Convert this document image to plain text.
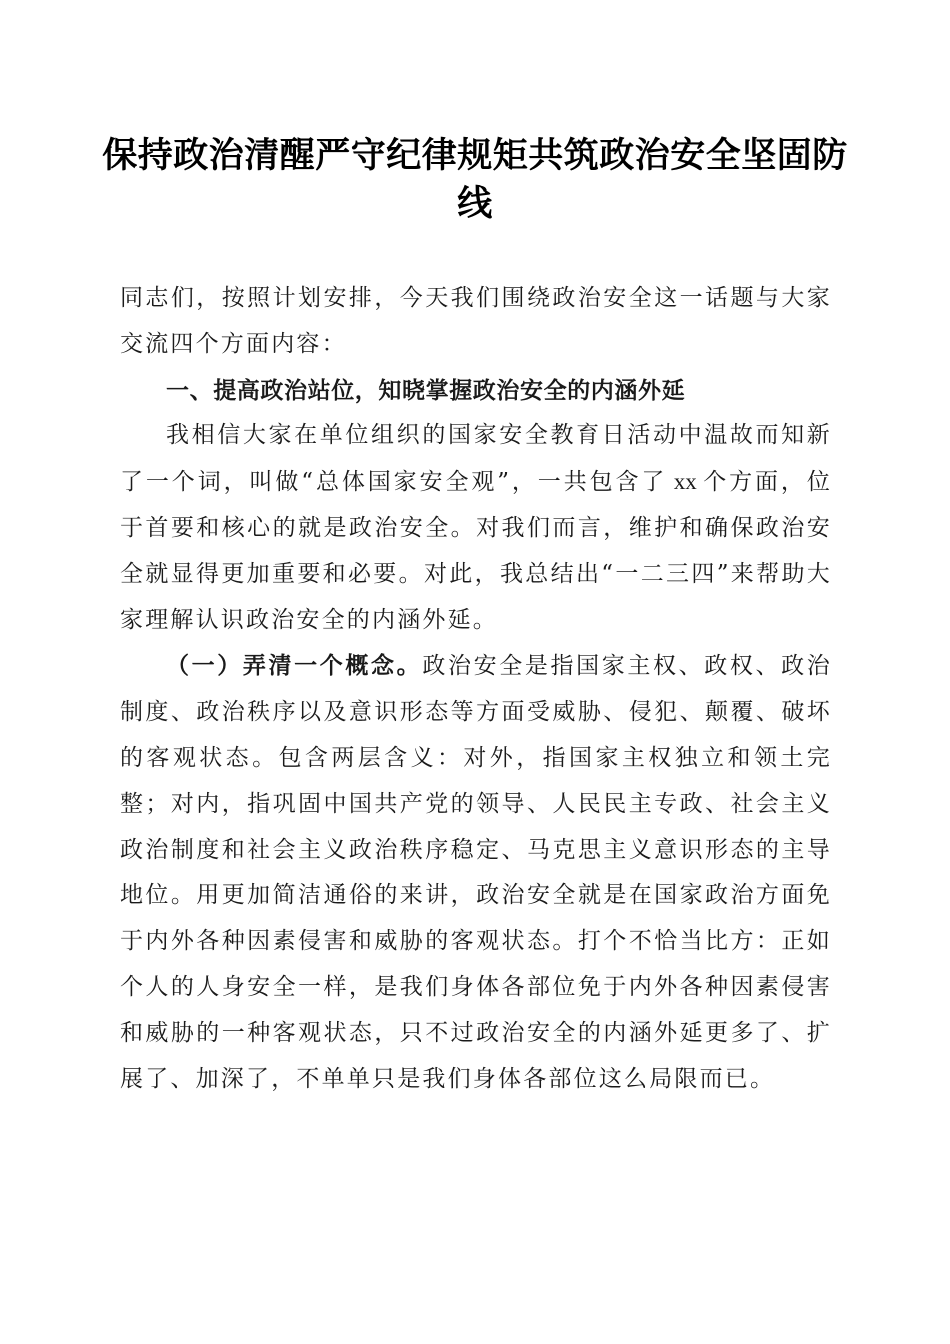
保持政治清醒严守纪律规矩共筑政治安全坚固防线

同志们，按照计划安排，今天我们围绕政治安全这一话题与大家交流四个方面内容：

一、提高政治站位，知晓掌握政治安全的内涵外延

我相信大家在单位组织的国家安全教育日活动中温故而知新了一个词，叫做“总体国家安全观”，一共包含了 xx 个方面，位于首要和核心的就是政治安全。对我们而言，维护和确保政治安全就显得更加重要和必要。对此，我总结出“一二三四”来帮助大家理解认识政治安全的内涵外延。

（一）弄清一个概念。政治安全是指国家主权、政权、政治制度、政治秩序以及意识形态等方面受威胁、侵犯、颠覆、破坏的客观状态。包含两层含义：对外，指国家主权独立和领土完整；对内，指巩固中国共产党的领导、人民民主专政、社会主义政治制度和社会主义政治秩序稳定、马克思主义意识形态的主导地位。用更加简洁通俗的来讲，政治安全就是在国家政治方面免于内外各种因素侵害和威胁的客观状态。打个不恰当比方：正如个人的人身安全一样，是我们身体各部位免于内外各种因素侵害和威胁的一种客观状态，只不过政治安全的内涵外延更多了、扩展了、加深了，不单单只是我们身体各部位这么局限而已。
